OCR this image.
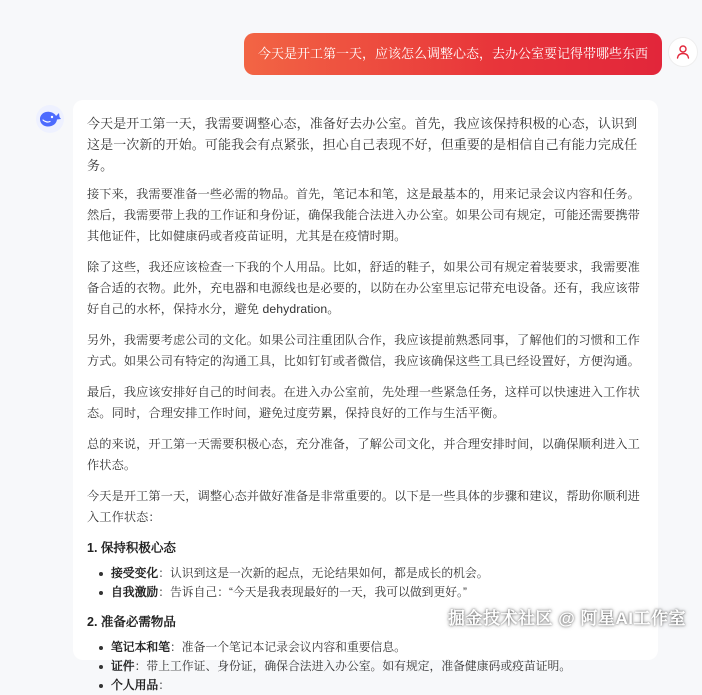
今天是开工第一天，应该怎么调整心态，去办公室要记得带哪些东西

今天是开工第一天，我需要调整心态，准备好去办公室。首先，我应该保持积极的心态，认识到这是一次新的开始。可能我会有点紧张，担心自己表现不好，但重要的是相信自己有能力完成任务。

接下来，我需要准备一些必需的物品。首先，笔记本和笔，这是最基本的，用来记录会议内容和任务。然后，我需要带上我的工作证和身份证，确保我能合法进入办公室。如果公司有规定，可能还需要携带其他证件，比如健康码或者疫苗证明，尤其是在疫情时期。

除了这些，我还应该检查一下我的个人用品。比如，舒适的鞋子，如果公司有规定着装要求，我需要准备合适的衣物。此外，充电器和电源线也是必要的，以防在办公室里忘记带充电设备。还有，我应该带好自己的水杯，保持水分，避免 dehydration。

另外，我需要考虑公司的文化。如果公司注重团队合作，我应该提前熟悉同事，了解他们的习惯和工作方式。如果公司有特定的沟通工具，比如钉钉或者微信，我应该确保这些工具已经设置好，方便沟通。

最后，我应该安排好自己的时间表。在进入办公室前，先处理一些紧急任务，这样可以快速进入工作状态。同时，合理安排工作时间，避免过度劳累，保持良好的工作与生活平衡。

总的来说，开工第一天需要积极心态，充分准备，了解公司文化，并合理安排时间，以确保顺利进入工作状态。

今天是开工第一天，调整心态并做好准备是非常重要的。以下是一些具体的步骤和建议，帮助你顺利进入工作状态：

1. 保持积极心态
接受变化：认识到这是一次新的起点，无论结果如何，都是成长的机会。
自我激励：告诉自己：“今天是我表现最好的一天，我可以做到更好。”
2. 准备必需物品
笔记本和笔：准备一个笔记本记录会议内容和重要信息。
证件：带上工作证、身份证，确保合法进入办公室。如有规定，准备健康码或疫苗证明。
个人用品：
掘金技术社区 @ 阿星AI工作室
